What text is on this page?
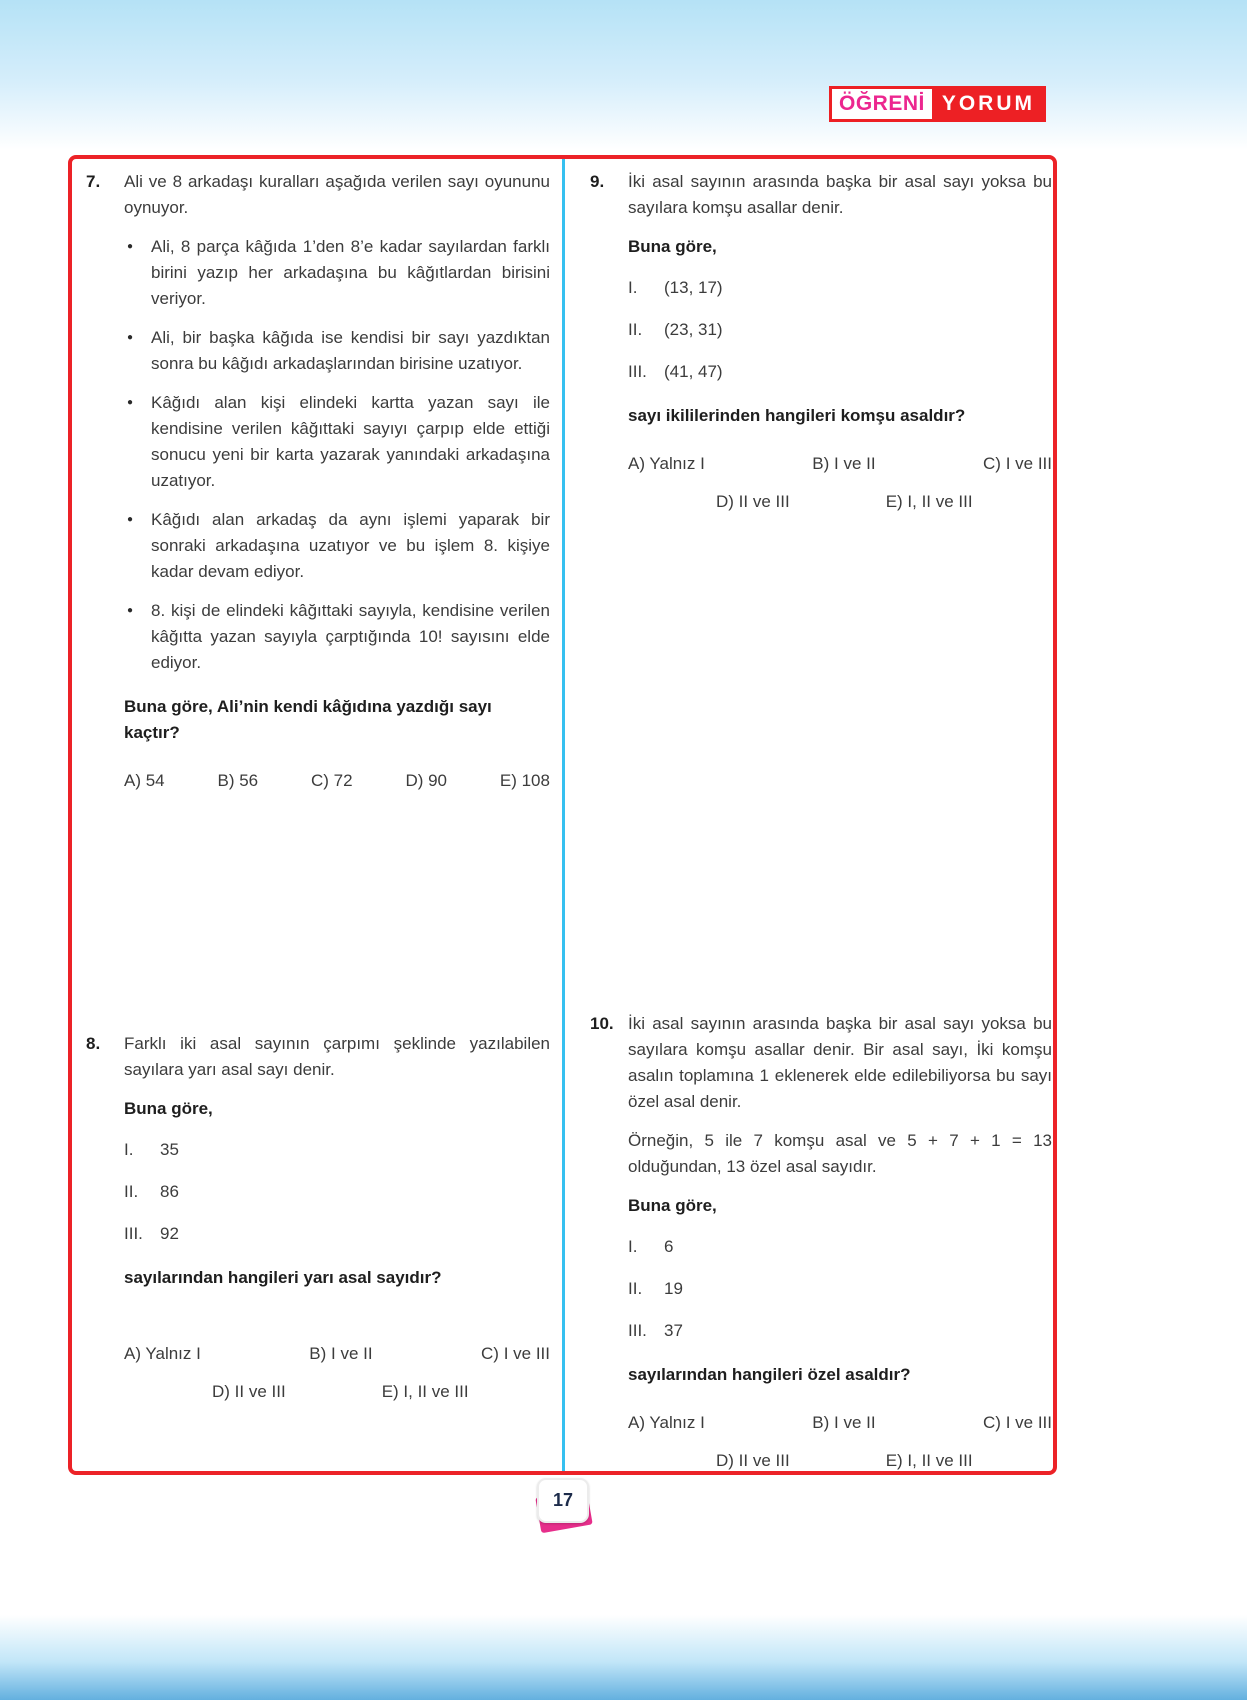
ÖĞRENİ YORUM
7.	Ali ve 8 arkadaşı kuralları aşağıda verilen sayı oyununu oynuyor.

●	Ali, 8 parça kâğıda 1’den 8’e kadar sayılardan farklı birini yazıp her arkadaşına bu kâğıtlardan birisini veriyor.
●	Ali, bir başka kâğıda ise kendisi bir sayı yazdıktan sonra bu kâğıdı arkadaşlarından birisine uzatıyor.
●	Kâğıdı alan kişi elindeki kartta yazan sayı ile kendisine verilen kâğıttaki sayıyı çarpıp elde ettiği sonucu yeni bir karta yazarak yanındaki arkadaşına uzatıyor.
●	Kâğıdı alan arkadaş da aynı işlemi yaparak bir sonraki arkadaşına uzatıyor ve bu işlem 8. kişiye kadar devam ediyor.
●	8. kişi de elindeki kâğıttaki sayıyla, kendisine verilen kâğıtta yazan sayıyla çarptığında 10! sayısını elde ediyor.

Buna göre, Ali’nin kendi kâğıdına yazdığı sayı kaçtır?

A) 54	B) 56	C) 72	D) 90	E) 108
8.	Farklı iki asal sayının çarpımı şeklinde yazılabilen sayılara yarı asal sayı denir.

Buna göre,

I.	35
II.	86
III.	92

sayılarından hangileri yarı asal sayıdır?

A) Yalnız I	B) I ve II	C) I ve III
D) II ve III	E) I, II ve III
9.	İki asal sayının arasında başka bir asal sayı yoksa bu sayılara komşu asallar denir.

Buna göre,

I.	(13, 17)
II.	(23, 31)
III.	(41, 47)

sayı ikililerinden hangileri komşu asaldır?

A) Yalnız I	B) I ve II	C) I ve III
D) II ve III	E) I, II ve III
10. İki asal sayının arasında başka bir asal sayı yoksa bu sayılara komşu asallar denir. Bir asal sayı, İki komşu asalın toplamına 1 eklenerek elde edilebiliyorsa bu sayı özel asal denir.

Örneğin, 5 ile 7 komşu asal ve 5 + 7 + 1 = 13 olduğundan, 13 özel asal sayıdır.

Buna göre,

I.	6
II.	19
III.	37

sayılarından hangileri özel asaldır?

A) Yalnız I	B) I ve II	C) I ve III
D) II ve III	E) I, II ve III
17
